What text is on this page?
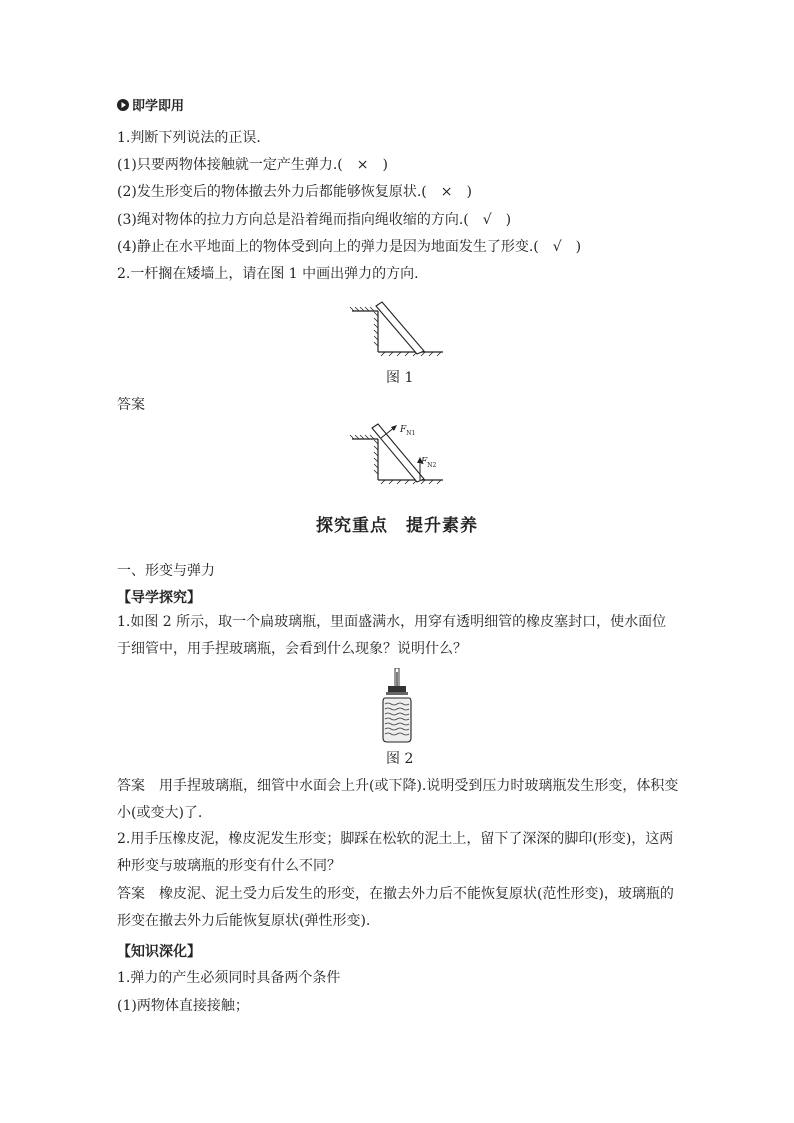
即学即用
1.判断下列说法的正误.
(1)只要两物体接触就一定产生弹力.( × )
(2)发生形变后的物体撤去外力后都能够恢复原状.( × )
(3)绳对物体的拉力方向总是沿着绳而指向绳收缩的方向.( √ )
(4)静止在水平地面上的物体受到向上的弹力是因为地面发生了形变.( √ )
2.一杆搁在矮墙上，请在图 1 中画出弹力的方向.
图 1
答案
$F_{N1}$
$F_{N2}$
探究重点 提升素养
一、形变与弹力
【导学探究】
1.如图 2 所示，取一个扁玻璃瓶，里面盛满水，用穿有透明细管的橡皮塞封口，使水面位于细管中，用手捏玻璃瓶，会看到什么现象？说明什么？
图 2
答案　用手捏玻璃瓶，细管中水面会上升(或下降).说明受到压力时玻璃瓶发生形变，体积变小(或变大)了.
2.用手压橡皮泥，橡皮泥发生形变；脚踩在松软的泥土上，留下了深深的脚印(形变)，这两种形变与玻璃瓶的形变有什么不同？
答案　橡皮泥、泥土受力后发生的形变，在撤去外力后不能恢复原状(范性形变)，玻璃瓶的形变在撤去外力后能恢复原状(弹性形变).
【知识深化】
1.弹力的产生必须同时具备两个条件
(1)两物体直接接触；
